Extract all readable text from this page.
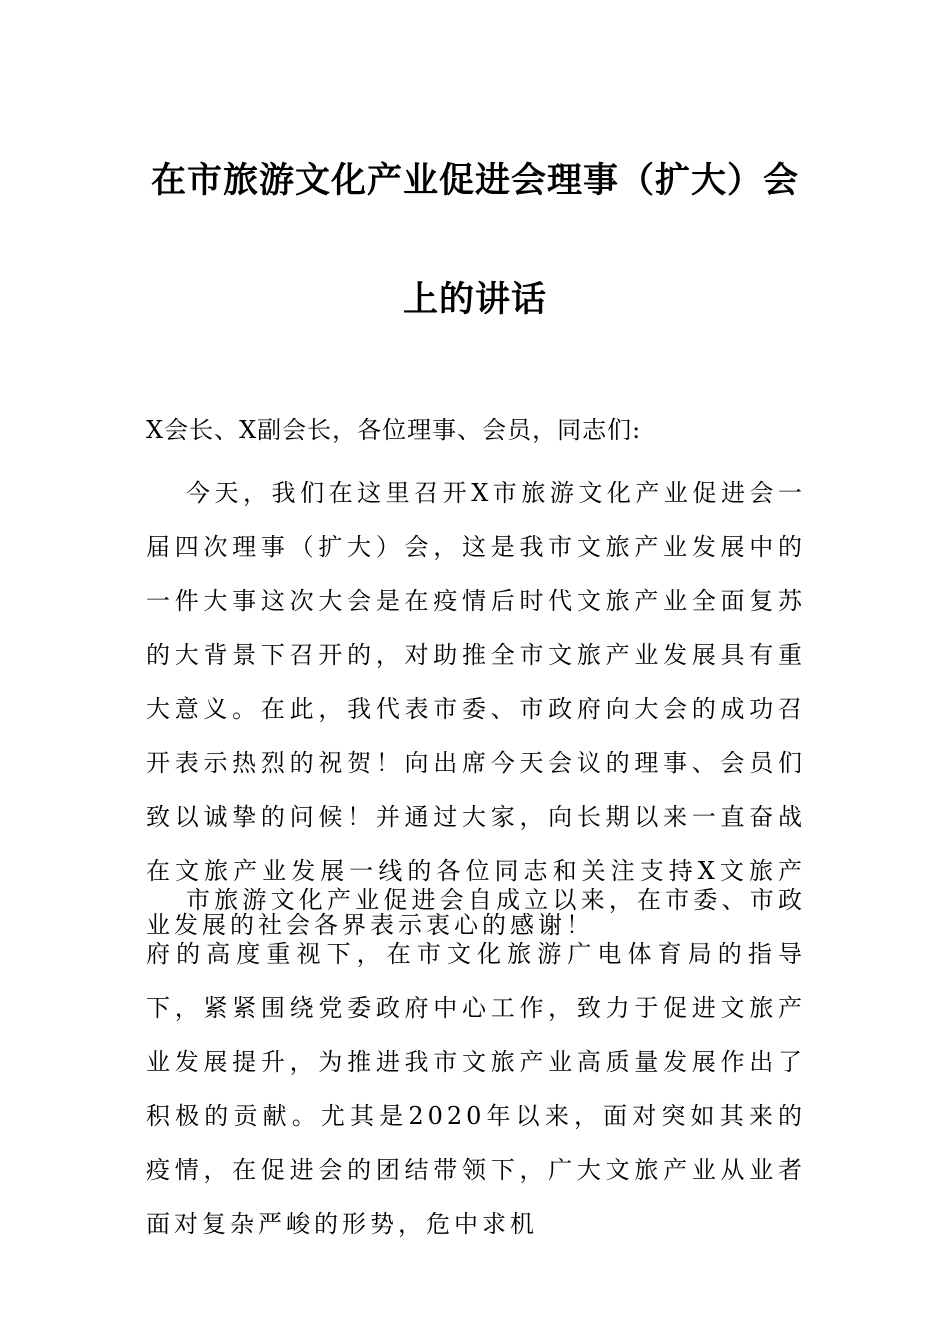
在市旅游文化产业促进会理事（扩大）会
上的讲话
X会长、X副会长，各位理事、会员，同志们:

今天，我们在这里召开X市旅游文化产业促进会一届四次理事（扩大）会，这是我市文旅产业发展中的一件大事这次大会是在疫情后时代文旅产业全面复苏的大背景下召开的，对助推全市文旅产业发展具有重大意义。在此，我代表市委、市政府向大会的成功召开表示热烈的祝贺！向出席今天会议的理事、会员们致以诚挚的问候！并通过大家，向长期以来一直奋战在文旅产业发展一线的各位同志和关注支持X文旅产业发展的社会各界表示衷心的感谢！

市旅游文化产业促进会自成立以来，在市委、市政府的高度重视下，在市文化旅游广电体育局的指导下，紧紧围绕党委政府中心工作，致力于促进文旅产业发展提升，为推进我市文旅产业高质量发展作出了积极的贡献。尤其是2020年以来，面对突如其来的疫情，在促进会的团结带领下，广大文旅产业从业者面对复杂严峻的形势，危中求机
